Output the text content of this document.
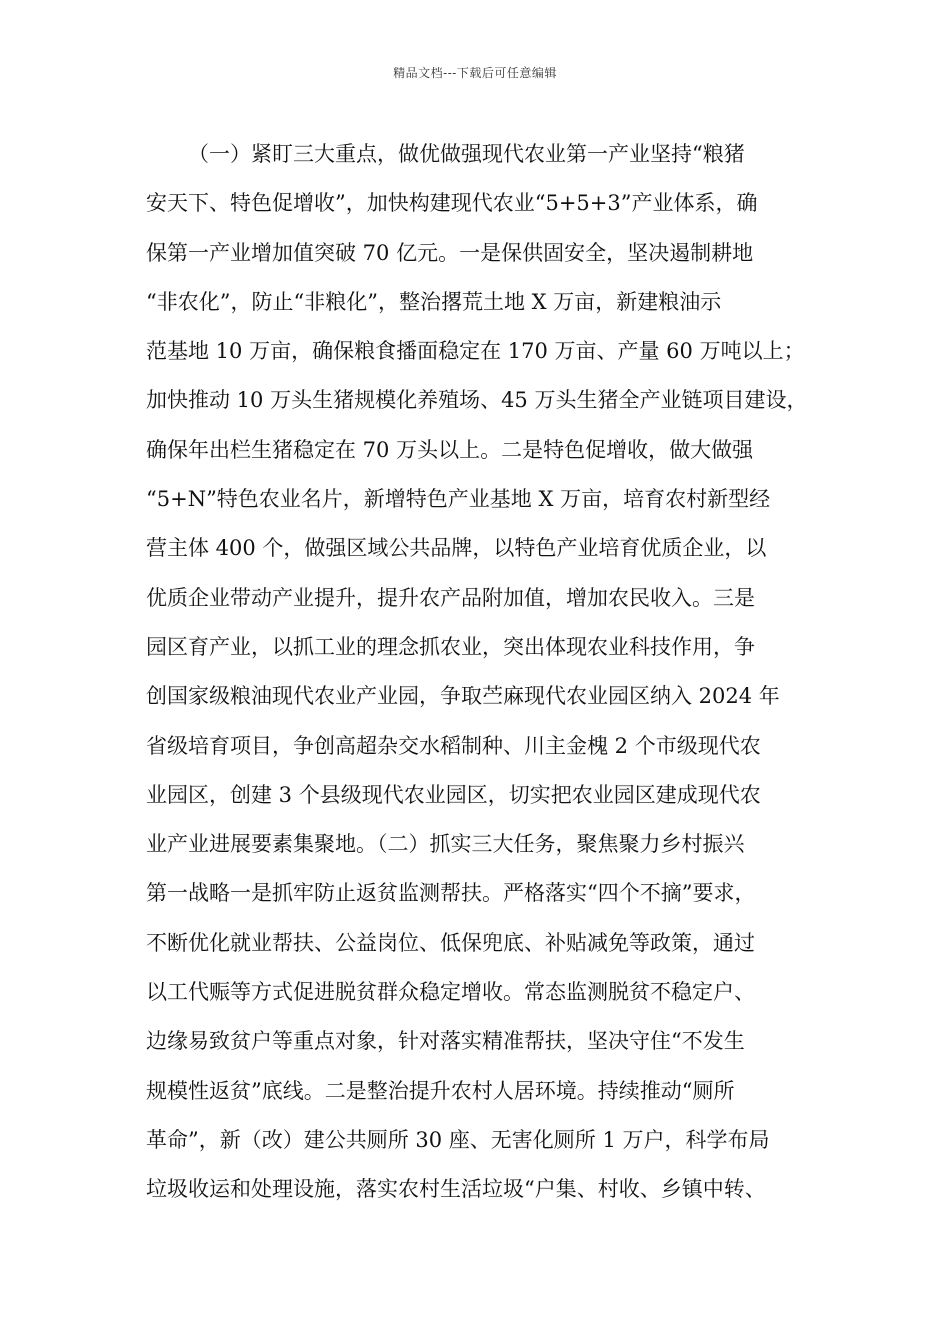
精品文档---下载后可任意编辑
（一）紧盯三大重点，做优做强现代农业第一产业坚持“粮猪
安天下、特色促增收”，加快构建现代农业“5+5+3”产业体系，确
保第一产业增加值突破 70 亿元。一是保供固安全，坚决遏制耕地
“非农化”，防止“非粮化”，整治撂荒土地 X 万亩，新建粮油示
范基地 10 万亩，确保粮食播面稳定在 170 万亩、产量 60 万吨以上；
加快推动 10 万头生猪规模化养殖场、45 万头生猪全产业链项目建设，
确保年出栏生猪稳定在 70 万头以上。二是特色促增收，做大做强
“5+N”特色农业名片，新增特色产业基地 X 万亩，培育农村新型经
营主体 400 个，做强区域公共品牌，以特色产业培育优质企业，以
优质企业带动产业提升，提升农产品附加值，增加农民收入。三是
园区育产业，以抓工业的理念抓农业，突出体现农业科技作用，争
创国家级粮油现代农业产业园，争取苎麻现代农业园区纳入 2024 年
省级培育项目，争创高超杂交水稻制种、川主金槐 2 个市级现代农
业园区，创建 3 个县级现代农业园区，切实把农业园区建成现代农
业产业进展要素集聚地。（二）抓实三大任务，聚焦聚力乡村振兴
第一战略一是抓牢防止返贫监测帮扶。严格落实“四个不摘”要求，
不断优化就业帮扶、公益岗位、低保兜底、补贴减免等政策，通过
以工代赈等方式促进脱贫群众稳定增收。常态监测脱贫不稳定户、
边缘易致贫户等重点对象，针对落实精准帮扶，坚决守住“不发生
规模性返贫”底线。二是整治提升农村人居环境。持续推动“厕所
革命”，新（改）建公共厕所 30 座、无害化厕所 1 万户，科学布局
垃圾收运和处理设施，落实农村生活垃圾“户集、村收、乡镇中转、
